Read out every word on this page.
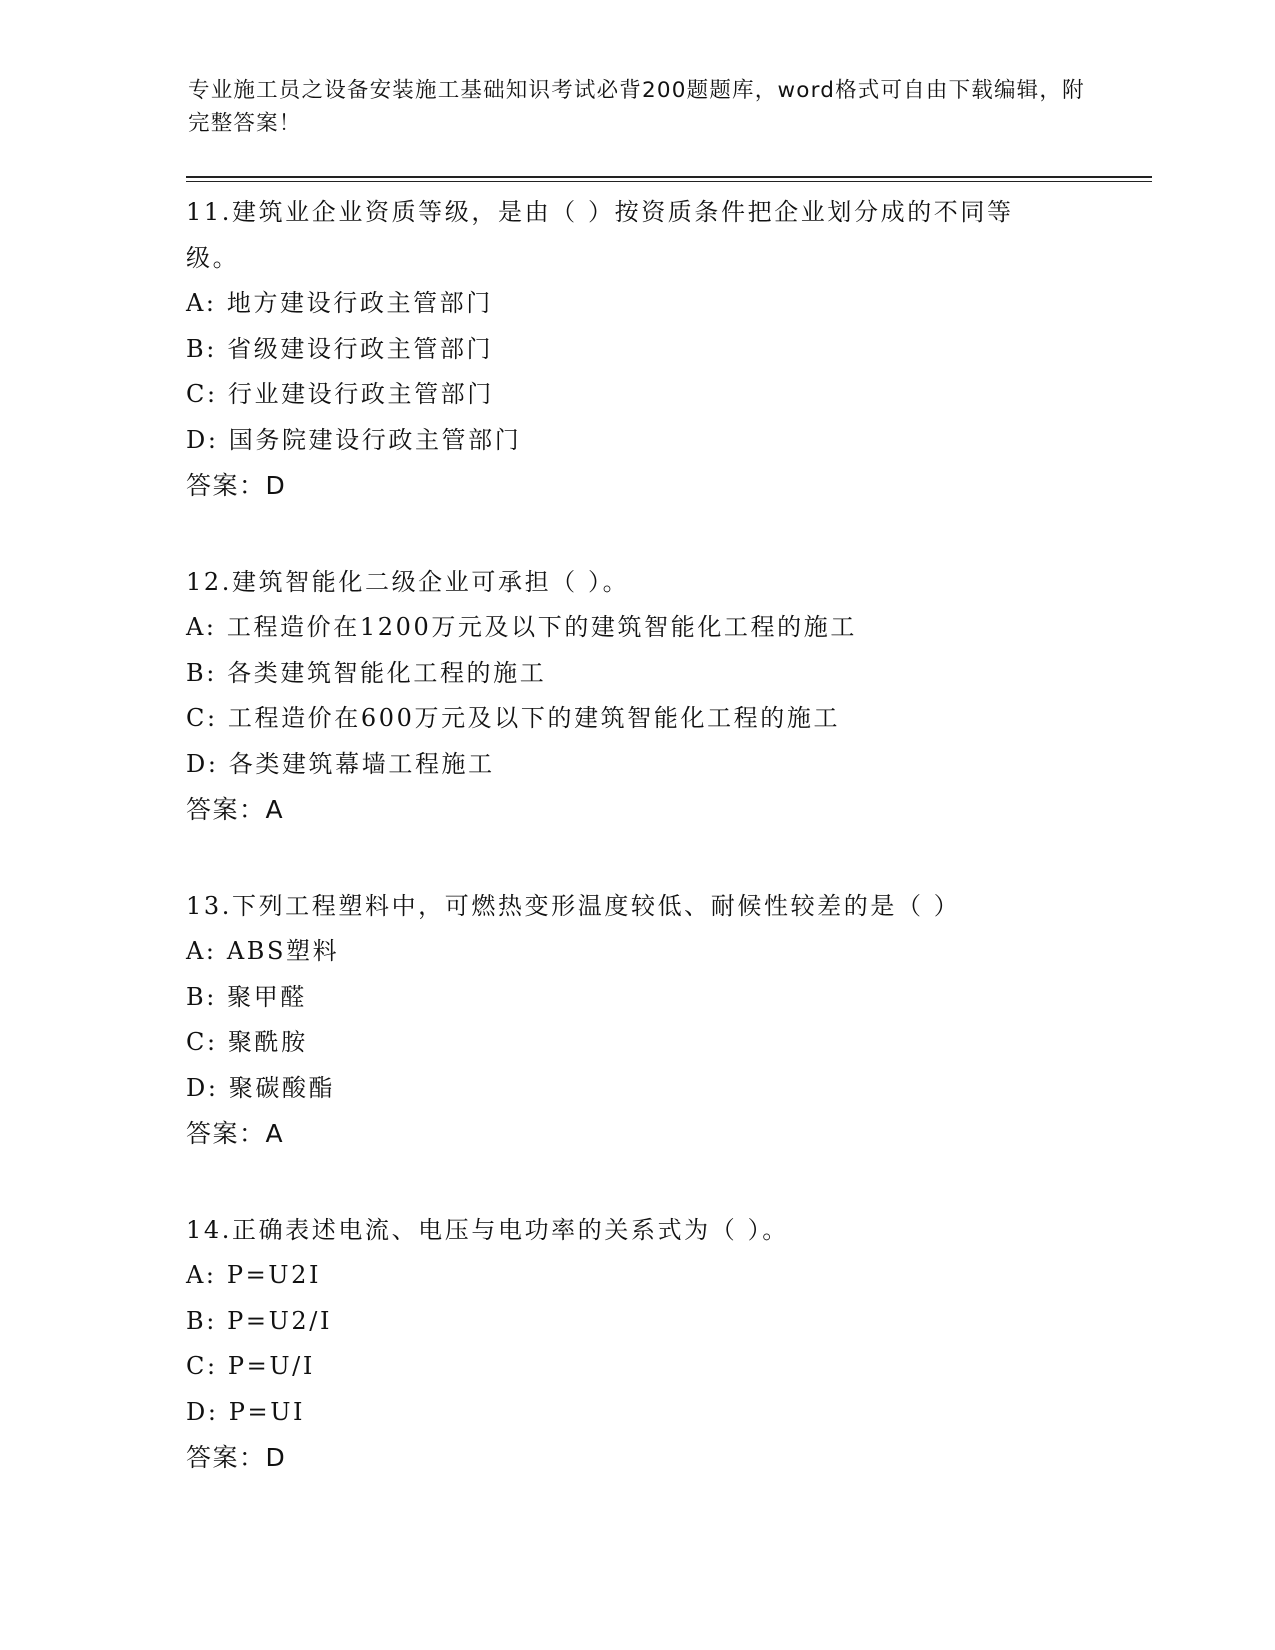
专业施工员之设备安装施工基础知识考试必背200题题库，word格式可自由下载编辑，附完整答案！
11.建筑业企业资质等级，是由（ ）按资质条件把企业划分成的不同等级。
A: 地方建设行政主管部门
B: 省级建设行政主管部门
C: 行业建设行政主管部门
D: 国务院建设行政主管部门
答案：D
12.建筑智能化二级企业可承担（ ）。
A: 工程造价在1200万元及以下的建筑智能化工程的施工
B: 各类建筑智能化工程的施工
C: 工程造价在600万元及以下的建筑智能化工程的施工
D: 各类建筑幕墙工程施工
答案：A
13.下列工程塑料中，可燃热变形温度较低、耐候性较差的是（ ）
A: ABS塑料
B: 聚甲醛
C: 聚酰胺
D: 聚碳酸酯
答案：A
14.正确表述电流、电压与电功率的关系式为（ ）。
A: P=U2I
B: P=U2/I
C: P=U/I
D: P=UI
答案：D
